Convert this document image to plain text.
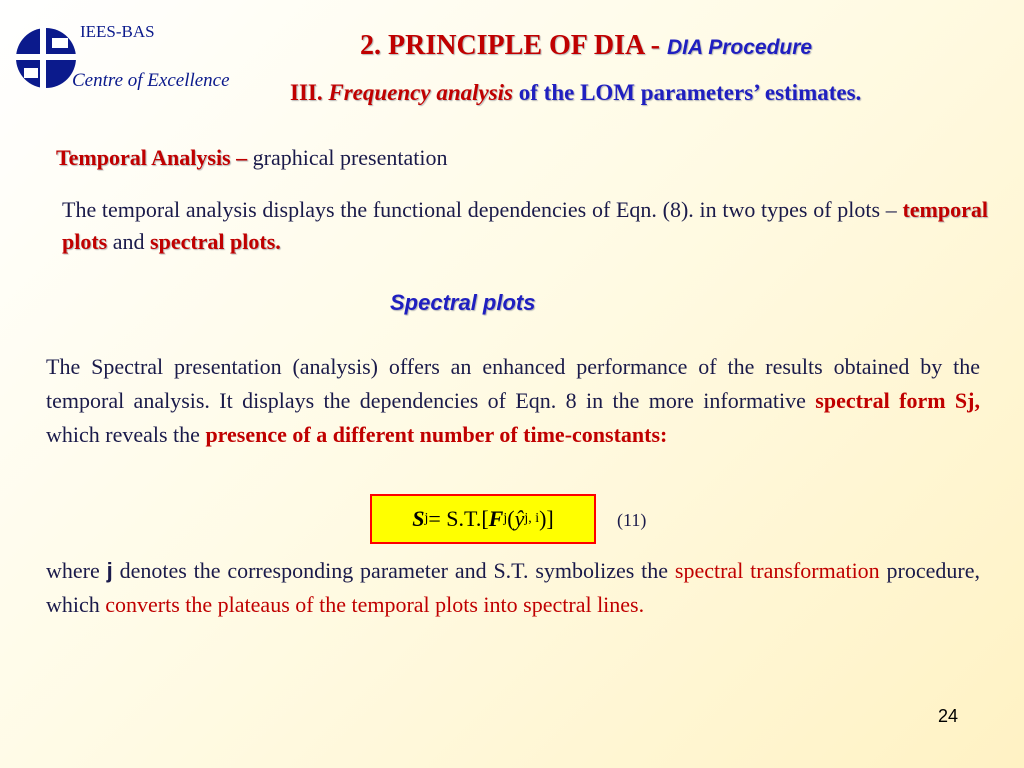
IEES-BAS
Centre of Excellence
2. PRINCIPLE OF DIA - DIA Procedure
III. Frequency analysis of the LOM parameters’ estimates.
Temporal Analysis – graphical presentation
The temporal analysis displays the functional dependencies of Eqn. (8). in two types of plots – temporal plots and spectral plots.
Spectral plots
The Spectral presentation (analysis) offers an enhanced performance of the results obtained by the temporal analysis. It displays the dependencies of Eqn. 8 in the more informative spectral form Sj, which reveals the presence of a different number of time-constants:
S j = S.T.[ F j ( ŷ j, i )]	(11)
where j denotes the corresponding parameter and S.T. symbolizes the spectral transformation procedure, which converts the plateaus of the temporal plots into spectral lines.
24
